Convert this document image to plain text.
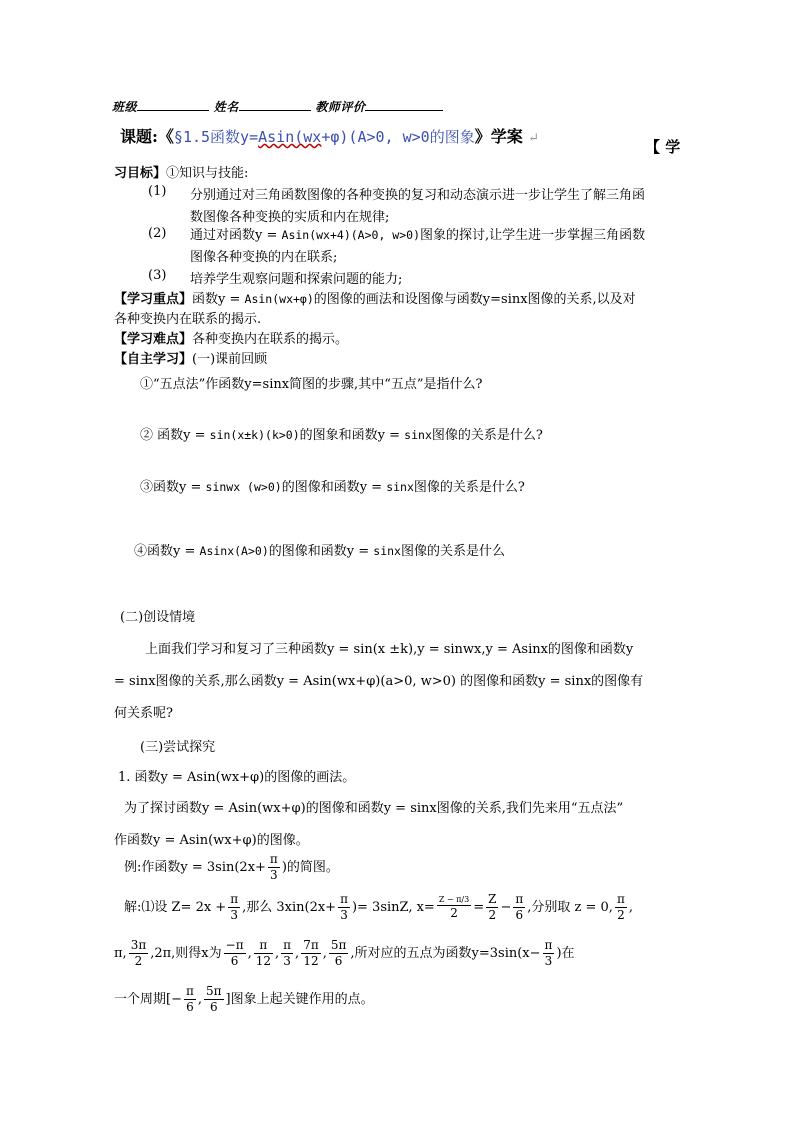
班级	姓名	教师评价
课题:《§1.5函数y=Asin(wx+φ)(A>0, w>0的图象》学案 ↵	【 学
习目标】①知识与技能:
(1) 分别通过对三角函数图像的各种变换的复习和动态演示进一步让学生了解三角函
数图像各种变换的实质和内在规律;
(2) 通过对函数y = Asin(wx+4)(A>0, w>0)图象的探讨,让学生进一步掌握三角函数
图像各种变换的内在联系;
(3) 培养学生观察问题和探索问题的能力;
【学习重点】函数y = Asin(wx+φ)的图像的画法和设图像与函数y=sinx图像的关系,以及对
各种变换内在联系的揭示.
【学习难点】各种变换内在联系的揭示。
【自主学习】(一)课前回顾
①“五点法”作函数y=sinx简图的步骤,其中“五点”是指什么?
② 函数y = sin(x±k)(k>0)的图象和函数y = sinx图像的关系是什么?
③函数y = sinwx (w>0)的图像和函数y = sinx图像的关系是什么?
④函数y = Asinx(A>0)的图像和函数y = sinx图像的关系是什么
(二)创设情境
上面我们学习和复习了三种函数y = sin(x ±k),y = sinwx,y = Asinx的图像和函数y
= sinx图像的关系,那么函数y = Asin(wx+φ)(a>0, w>0) 的图像和函数y = sinx的图像有
何关系呢?
(三)尝试探究
1. 函数y = Asin(wx+φ)的图像的画法。
为了探讨函数y = Asin(wx+φ)的图像和函数y = sinx图像的关系,我们先来用“五点法”
作函数y = Asin(wx+φ)的图像。
例:作函数$y = 3\sin(2x+ \frac{\pi}{3}$ )的简图。
解:⑴设 $Z= 2x + \frac{\pi}{3}$ ,那么 $3xin(2x+ \frac{\pi}{3}$ )= 3sinZ, $x= \frac{Z - \pi/3}{2} = \frac{Z}{2} - \frac{\pi}{6}$ ,分别取 z = 0, $\frac{\pi}{2}$ ,
π, $\frac{3\pi}{2} ,2\pi$,则得x为 $\frac{-\pi}{6}$ , $\frac{\pi}{12}$ , $\frac{\pi}{3}$ , $\frac{7\pi}{12}$ , $\frac{5\pi}{6}$ ,所对应的五点为函数$y=3\sin(x- \frac{\pi}{3}$ )在
一个周期[− $\frac{\pi}{6}$ , $\frac{5\pi}{6}$ ]图象上起关键作用的点。
